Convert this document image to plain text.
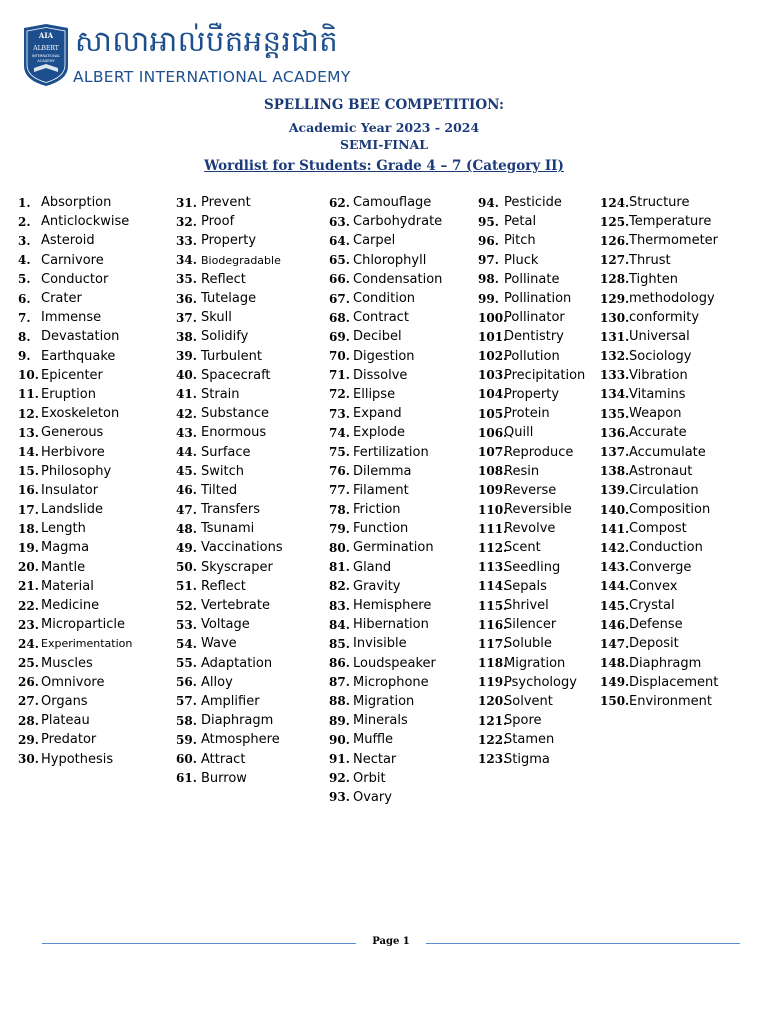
AIA
ALBERT
INTERNATIONAL
ACADEMY
សាលាអាល់បឺតអន្តរជាតិ
ALBERT INTERNATIONAL ACADEMY
SPELLING BEE COMPETITION:
Academic Year 2023 - 2024
SEMI-FINAL
Wordlist for Students: Grade 4 – 7 (Category II)
1. Absorption
2. Anticlockwise
3. Asteroid
4. Carnivore
5. Conductor
6. Crater
7. Immense
8. Devastation
9. Earthquake
10. Epicenter
11. Eruption
12. Exoskeleton
13. Generous
14. Herbivore
15. Philosophy
16. Insulator
17. Landslide
18. Length
19. Magma
20. Mantle
21. Material
22. Medicine
23. Microparticle
24. Experimentation
25. Muscles
26. Omnivore
27. Organs
28. Plateau
29. Predator
30. Hypothesis
31. Prevent
32. Proof
33. Property
34. Biodegradable
35. Reflect
36. Tutelage
37. Skull
38. Solidify
39. Turbulent
40. Spacecraft
41. Strain
42. Substance
43. Enormous
44. Surface
45. Switch
46. Tilted
47. Transfers
48. Tsunami
49. Vaccinations
50. Skyscraper
51. Reflect
52. Vertebrate
53. Voltage
54. Wave
55. Adaptation
56. Alloy
57. Amplifier
58. Diaphragm
59. Atmosphere
60. Attract
61. Burrow
62. Camouflage
63. Carbohydrate
64. Carpel
65. Chlorophyll
66. Condensation
67. Condition
68. Contract
69. Decibel
70. Digestion
71. Dissolve
72. Ellipse
73. Expand
74. Explode
75. Fertilization
76. Dilemma
77. Filament
78. Friction
79. Function
80. Germination
81. Gland
82. Gravity
83. Hemisphere
84. Hibernation
85. Invisible
86. Loudspeaker
87. Microphone
88. Migration
89. Minerals
90. Muffle
91. Nectar
92. Orbit
93. Ovary
94. Pesticide
95. Petal
96. Pitch
97. Pluck
98. Pollinate
99. Pollination
100.
Pollinator
101.
Dentistry
102.
Pollution
103.
Precipitation
104.
Property
105.
Protein
106.
Quill
107.
Reproduce
108.
Resin
109.
Reverse
110.
Reversible
111.
Revolve
112.
Scent
113.
Seedling
114.
Sepals
115.
Shrivel
116.
Silencer
117.
Soluble
118.
Migration
119.
Psychology
120.
Solvent
121.
Spore
122.
Stamen
123.
Stigma
124. Structure
125. Temperature
126. Thermometer
127. Thrust
128. Tighten
129. methodology
130. conformity
131. Universal
132. Sociology
133. Vibration
134. Vitamins
135. Weapon
136. Accurate
137. Accumulate
138. Astronaut
139. Circulation
140. Composition
141. Compost
142. Conduction
143. Converge
144. Convex
145. Crystal
146. Defense
147. Deposit
148. Diaphragm
149. Displacement
150. Environment
Page 1
